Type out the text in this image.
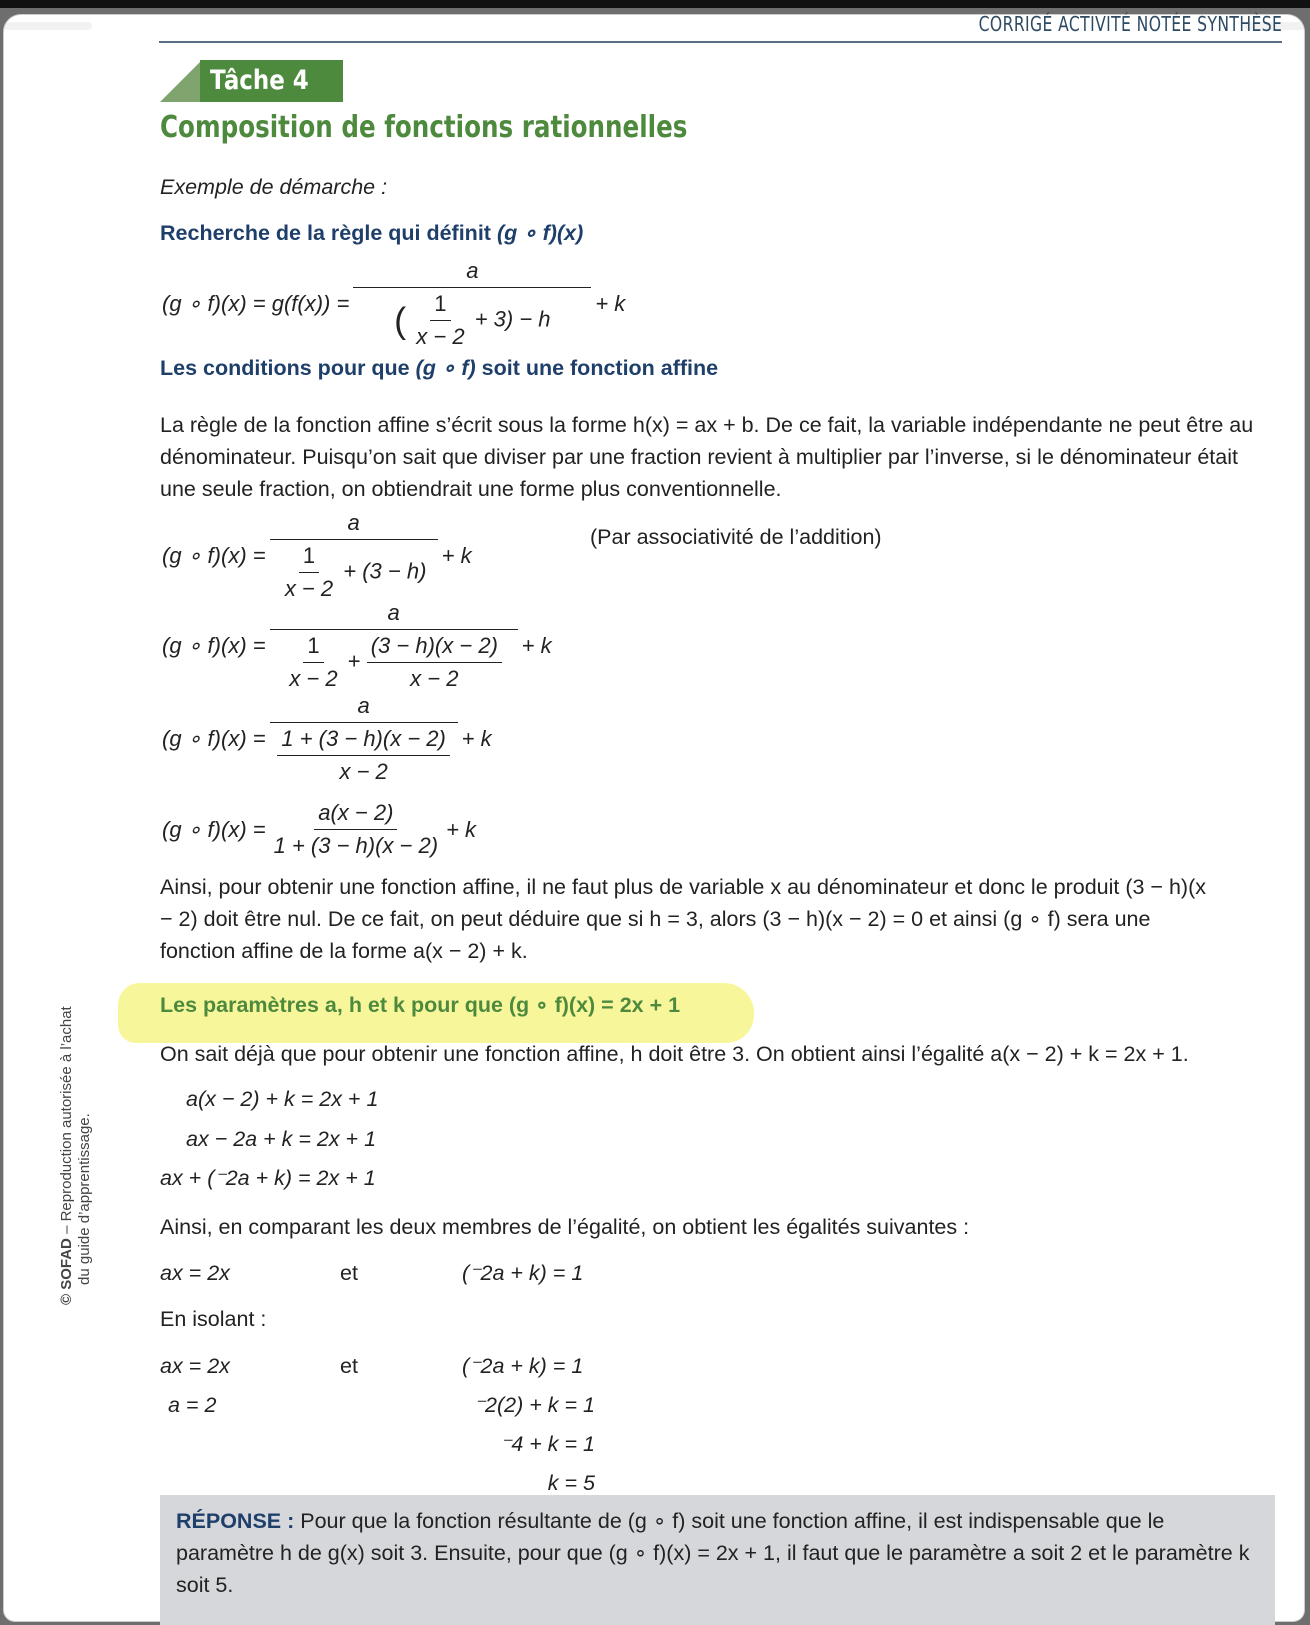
CORRIGÉ ACTIVITÉ NOTÉE SYNTHÈSE
Tâche 4
Composition de fonctions rationnelles
Exemple de démarche :
Recherche de la règle qui définit (g ∘ f)(x)
(g ∘ $f)(x) = g(f(x)) = \frac{a}{( \frac{1}{x - 2} + 3) - h} + k$
Les conditions pour que (g ∘ f) soit une fonction affine
La règle de la fonction affine s’écrit sous la forme h(x) = ax + b. De ce fait, la variable indépendante ne peut être au dénominateur. Puisqu’on sait que diviser par une fraction revient à multiplier par l’inverse, si le dénominateur était une seule fraction, on obtiendrait une forme plus conventionnelle.
(g ∘ $f)(x) = \frac{a}{\frac{1}{x - 2} + (3 - h)} + k$
(Par associativité de l’addition)
(g ∘ $f)(x) = \frac{a}{\frac{1}{x - 2} + \frac{(3 - h)(x - 2)}{x - 2}} + k$
(g ∘ $f)(x) = \frac{a}{\frac{1 + (3 - h)(x - 2)}{x - 2}} + k$
(g ∘ $f)(x) = \frac{a(x - 2)}{1 + (3 - h)(x - 2)} + k$
Ainsi, pour obtenir une fonction affine, il ne faut plus de variable x au dénominateur et donc le produit (3 − h)(x − 2) doit être nul. De ce fait, on peut déduire que si h = 3, alors (3 − h)(x − 2) = 0 et ainsi (g ∘ f) sera une fonction affine de la forme a(x − 2) + k.
Les paramètres a, h et k pour que (g ∘ f)(x) = 2x + 1
On sait déjà que pour obtenir une fonction affine, h doit être 3. On obtient ainsi l’égalité a(x − 2) + k = 2x + 1.
a(x − 2) + k = 2x + 1
ax − 2a + k = 2x + 1
ax + (⁻2a + k) = 2x + 1
Ainsi, en comparant les deux membres de l’égalité, on obtient les égalités suivantes :
ax = 2x	et	(⁻2a + k) = 1
En isolant :
ax = 2x	et	(⁻2a + k) = 1
a = 2	⁻2(2) + k = 1
⁻4 + k = 1
k = 5
RÉPONSE : Pour que la fonction résultante de (g ∘ f) soit une fonction affine, il est indispensable que le paramètre h de g(x) soit 3. Ensuite, pour que (g ∘ f)(x) = 2x + 1, il faut que le paramètre a soit 2 et le paramètre k soit 5.
© SOFAD – Reproduction autorisée à l’achat du guide d’apprentissage.
